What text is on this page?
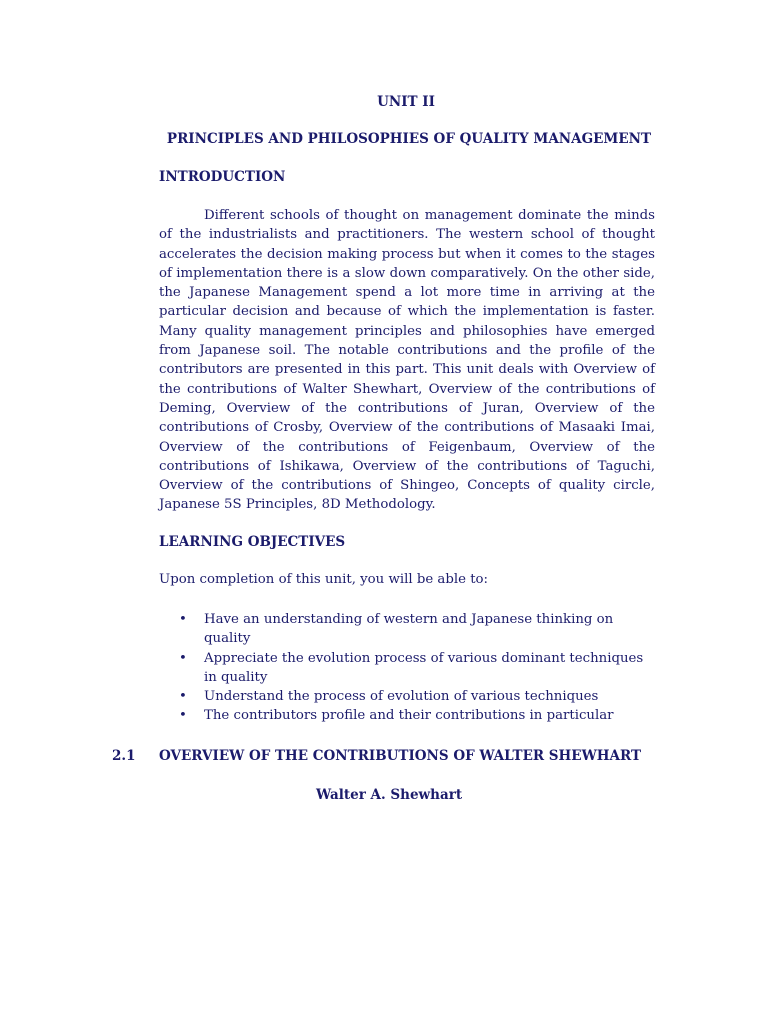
UNIT II
PRINCIPLES AND PHILOSOPHIES OF QUALITY MANAGEMENT
INTRODUCTION

Different schools of thought on management dominate the minds of the industrialists and practitioners. The western school of thought accelerates the decision making process but when it comes to the stages of implementation there is a slow down comparatively. On the other side, the Japanese Management spend a lot more time in arriving at the particular decision and because of which the implementation is faster. Many quality management principles and philosophies have emerged from Japanese soil. The notable contributions and the profile of the contributors are presented in this part. This unit deals with Overview of the contributions of Walter Shewhart, Overview of the contributions of Deming, Overview of the contributions of Juran, Overview of the contributions of Crosby, Overview of the contributions of Masaaki Imai, Overview of the contributions of Feigenbaum, Overview of the contributions of Ishikawa, Overview of the contributions of Taguchi, Overview of the contributions of Shingeo, Concepts of quality circle, Japanese 5S Principles, 8D Methodology.

LEARNING OBJECTIVES

Upon completion of this unit, you will be able to:

• Have an understanding of western and Japanese thinking on quality
• Appreciate the evolution process of various dominant techniques in quality
• Understand the process of evolution of various techniques
• The contributors profile and their contributions in particular
2.1 OVERVIEW OF THE CONTRIBUTIONS OF WALTER SHEWHART
Walter A. Shewhart
